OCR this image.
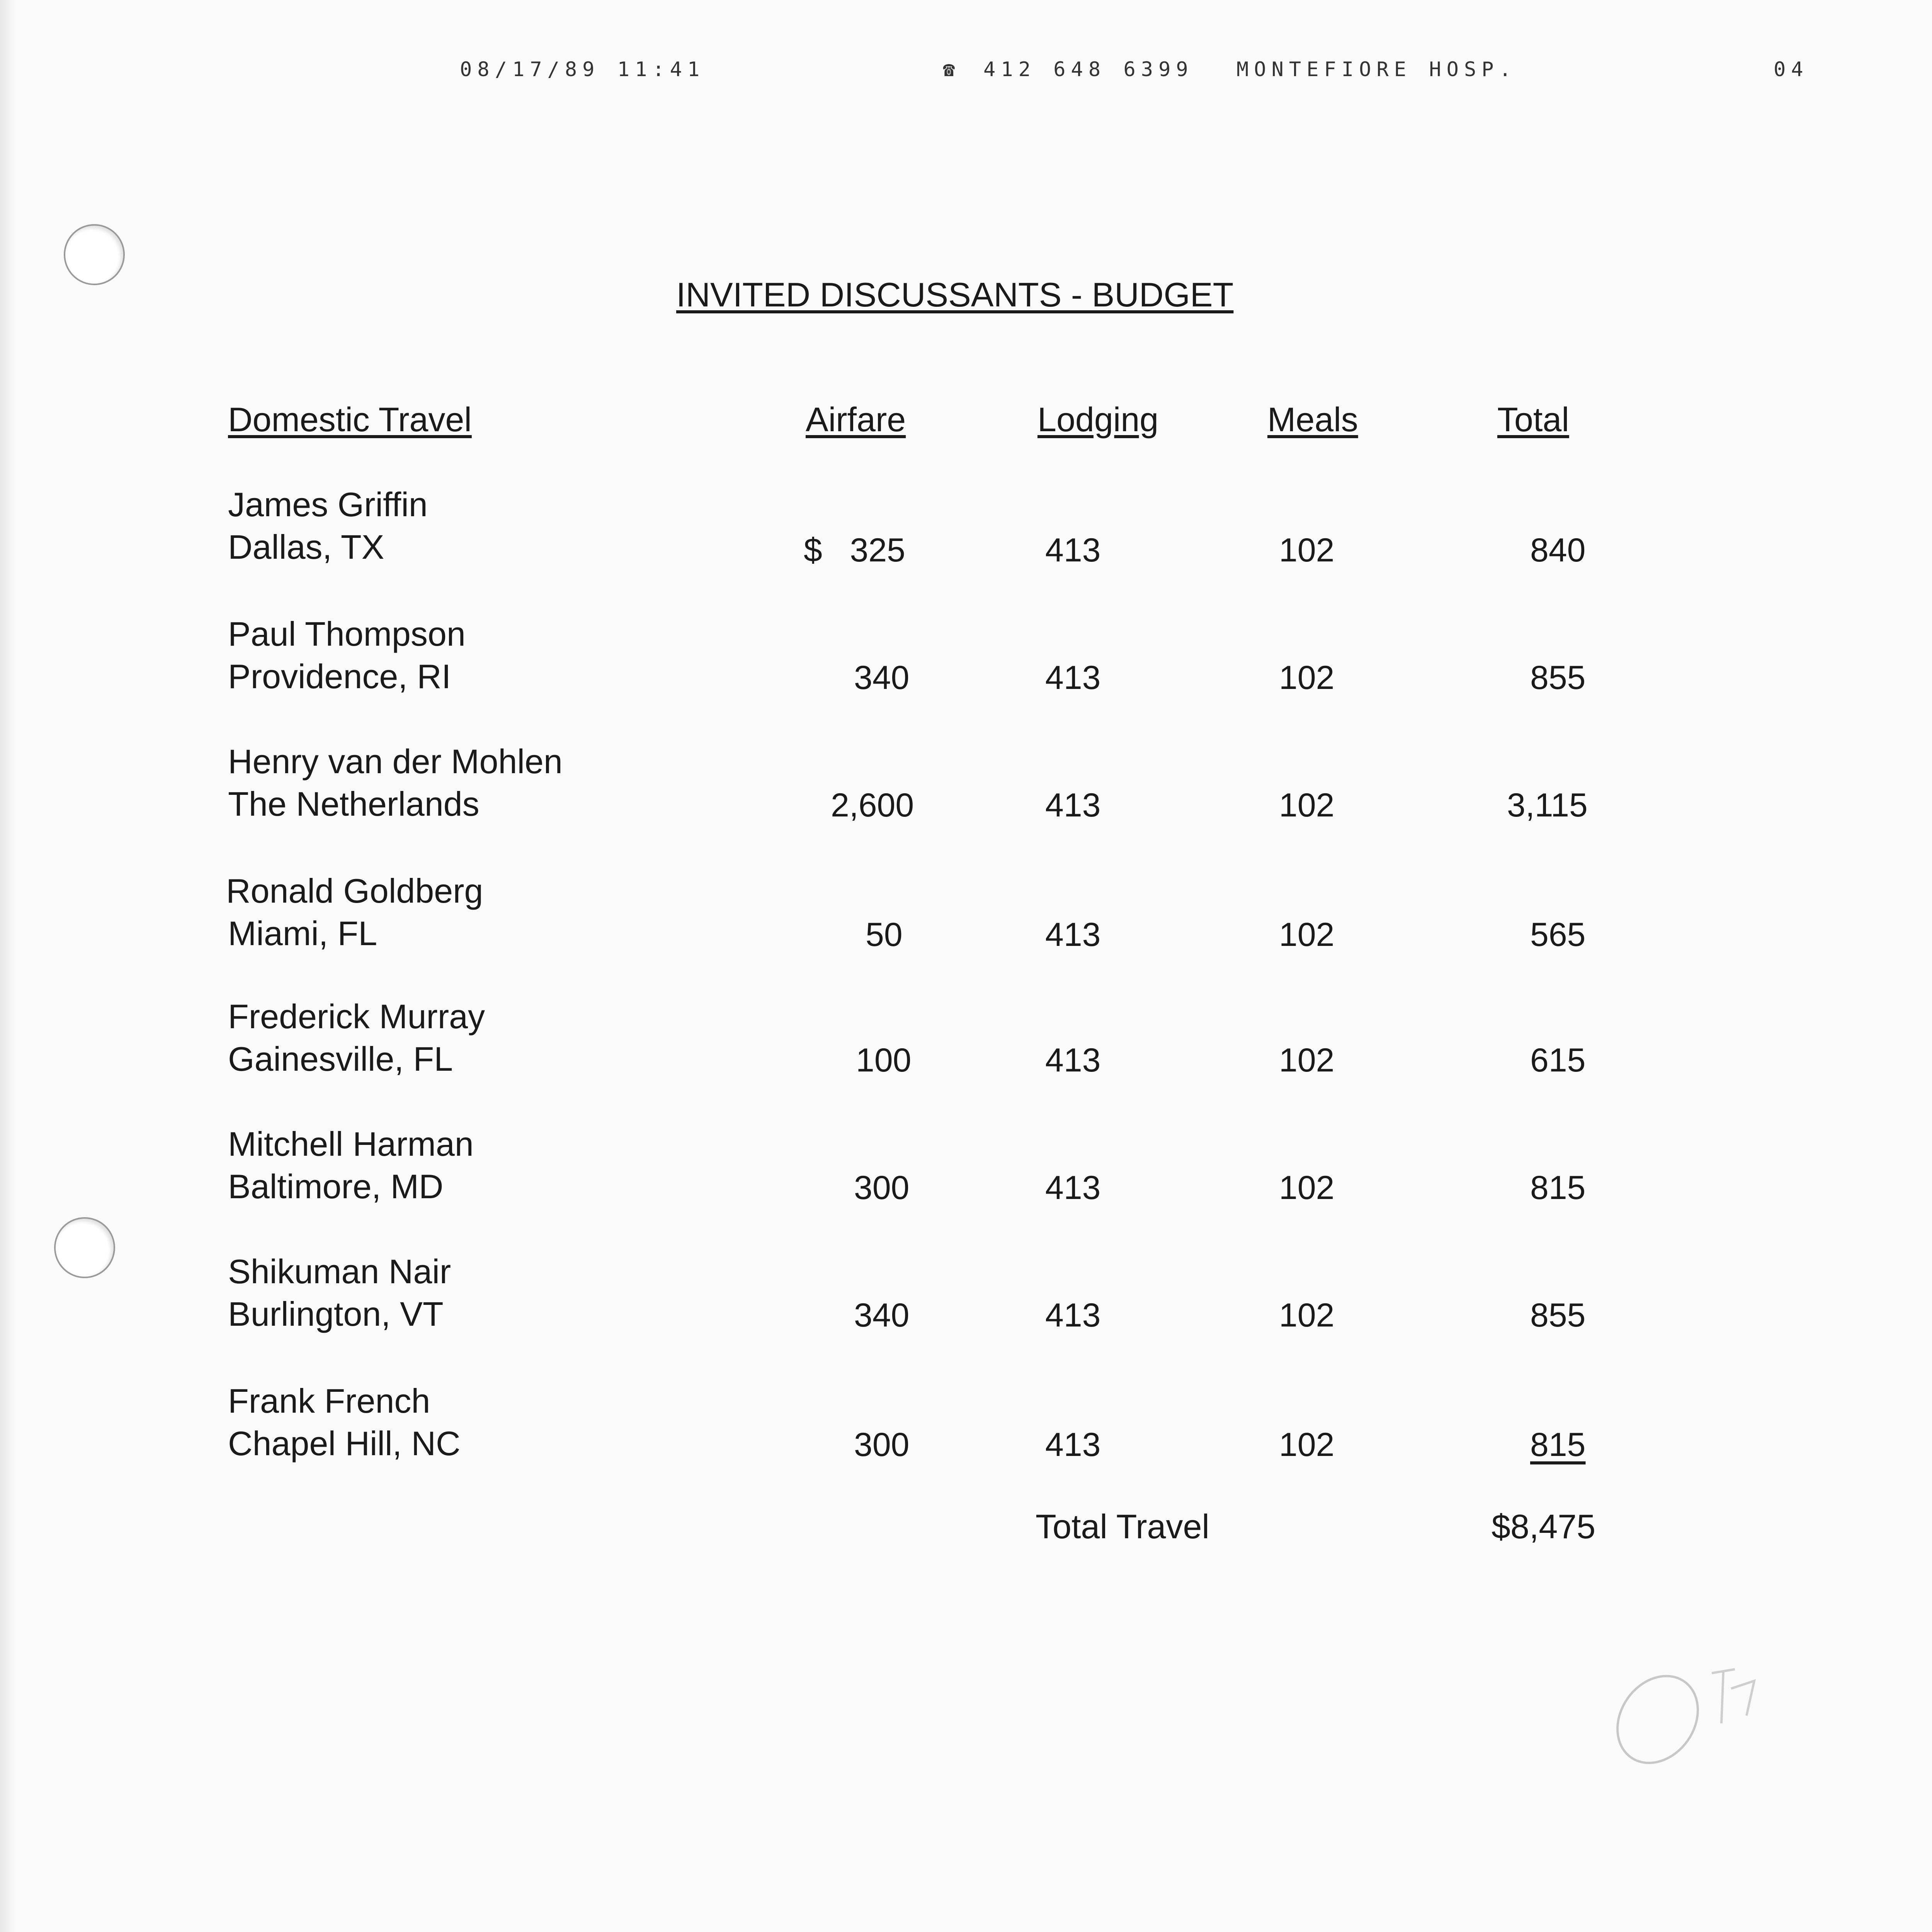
08/17/89 11:41	☎ 412 648 6399 MONTEFIORE HOSP.	04
INVITED DISCUSSANTS - BUDGET
Domestic Travel	Airfare	Lodging	Meals	Total
James Griffin
Dallas, TX	$   325	413	102	840
Paul Thompson
Providence, RI	340	413	102	855
Henry van der Mohlen
The Netherlands	2,600	413	102	3,115
Ronald Goldberg
Miami, FL	50	413	102	565
Frederick Murray
Gainesville, FL	100	413	102	615
Mitchell Harman
Baltimore, MD	300	413	102	815
Shikuman Nair
Burlington, VT	340	413	102	855
Frank French
Chapel Hill, NC	300	413	102	815
Total Travel	$8,475
